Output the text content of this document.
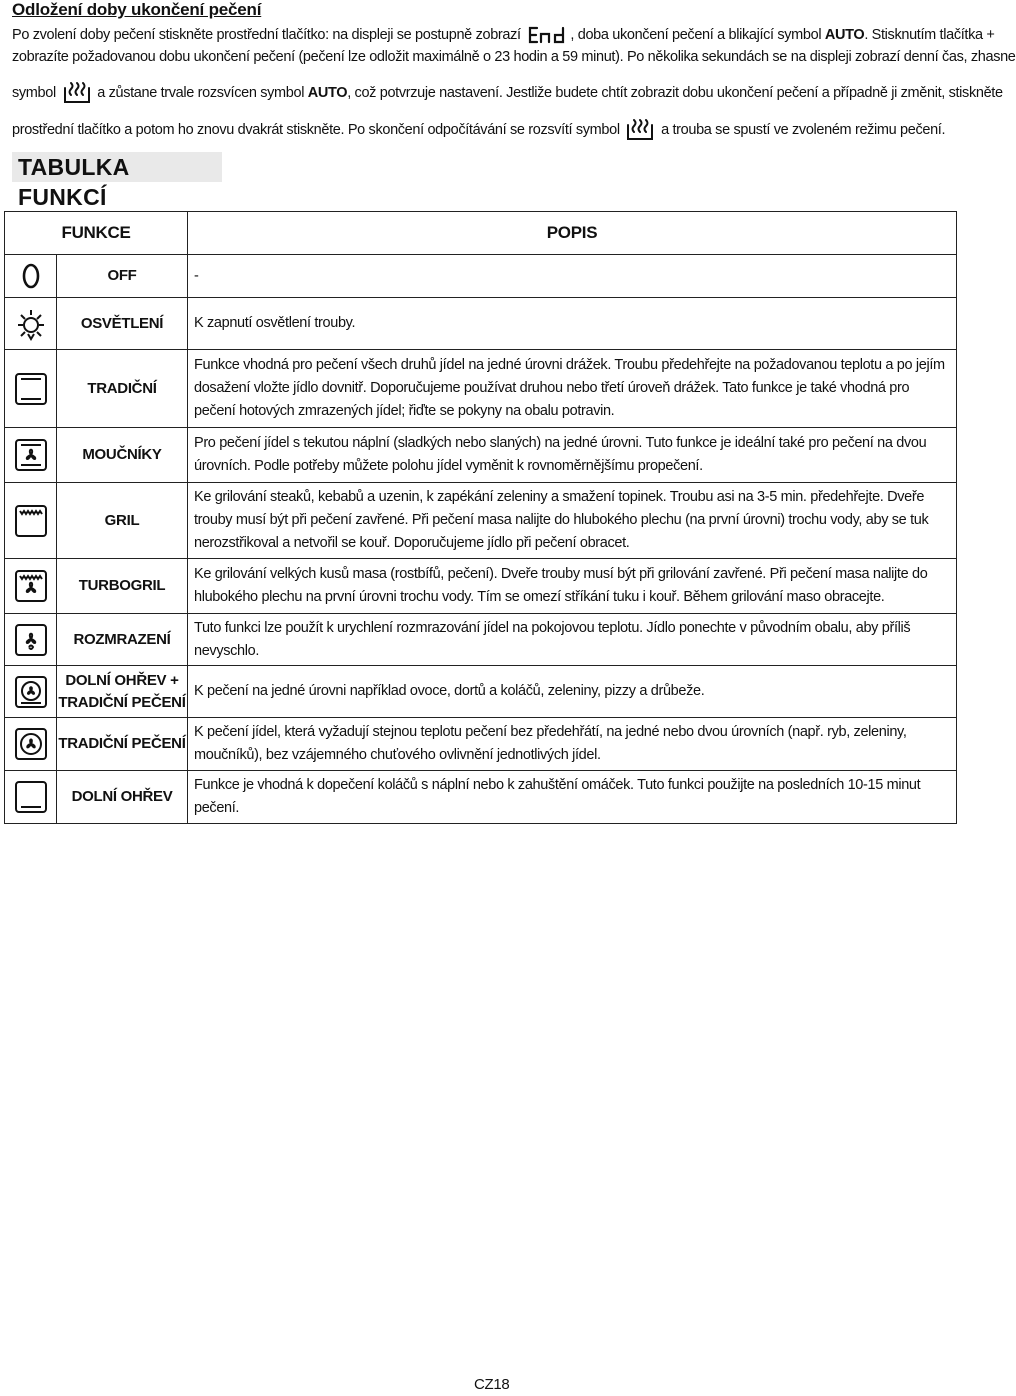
Odložení doby ukončení pečení
Po zvolení doby pečení stiskněte prostřední tlačítko: na displeji se postupně zobrazí	, doba ukončení pečení a blikající symbol AUTO. Stisknutím tlačítka +
zobrazíte požadovanou dobu ukončení pečení (pečení lze odložit maximálně o 23 hodin a 59 minut). Po několika sekundách se na displeji zobrazí denní čas, zhasne
symbol	a zůstane trvale rozsvícen symbol AUTO, což potvrzuje nastavení. Jestliže budete chtít zobrazit dobu ukončení pečení a případně ji změnit, stiskněte
prostřední tlačítko a potom ho znovu dvakrát stiskněte. Po skončení odpočítávání se rozsvítí symbol	a trouba se spustí ve zvoleném režimu pečení.
TABULKA FUNKCÍ
FUNKCE		POPIS
	OFF	-
	OSVĚTLENÍ	K zapnutí osvětlení trouby.
	TRADIČNÍ	Funkce vhodná pro pečení všech druhů jídel na jedné úrovni drážek. Troubu předehřejte na požadovanou teplotu a po jejím dosažení vložte jídlo dovnitř. Doporučujeme používat druhou nebo třetí úroveň drážek. Tato funkce je také vhodná pro pečení hotových zmrazených jídel; řiďte se pokyny na obalu potravin.
	MOUČNÍKY	Pro pečení jídel s tekutou náplní (sladkých nebo slaných) na jedné úrovni. Tuto funkce je ideální také pro pečení na dvou úrovních. Podle potřeby můžete polohu jídel vyměnit k rovnoměrnějšímu propečení.
	GRIL	Ke grilování steaků, kebabů a uzenin, k zapékání zeleniny a smažení topinek. Troubu asi na 3-5 min. předehřejte. Dveře trouby musí být při pečení zavřené. Při pečení masa nalijte do hlubokého plechu (na první úrovni) trochu vody, aby se tuk nerozstřikoval a netvořil se kouř. Doporučujeme jídlo při pečení obracet.
	TURBOGRIL	Ke grilování velkých kusů masa (rostbífů, pečení). Dveře trouby musí být při grilování zavřené. Při pečení masa nalijte do hlubokého plechu na první úrovni trochu vody. Tím se omezí stříkání tuku i kouř. Během grilování maso obracejte.
	ROZMRAZENÍ	Tuto funkci lze použít k urychlení rozmrazování jídel na pokojovou teplotu. Jídlo ponechte v původním obalu, aby příliš nevyschlo.
	DOLNÍ OHŘEV + TRADIČNÍ PEČENÍ	K pečení na jedné úrovni například ovoce, dortů a koláčů, zeleniny, pizzy a drůbeže.
	TRADIČNÍ PEČENÍ	K pečení jídel, která vyžadují stejnou teplotu pečení bez předehřátí, na jedné nebo dvou úrovních (např. ryb, zeleniny, moučníků), bez vzájemného chuťového ovlivnění jednotlivých jídel.
	DOLNÍ OHŘEV	Funkce je vhodná k dopečení koláčů s náplní nebo k zahuštění omáček. Tuto funkci použijte na posledních 10-15 minut pečení.
CZ18
